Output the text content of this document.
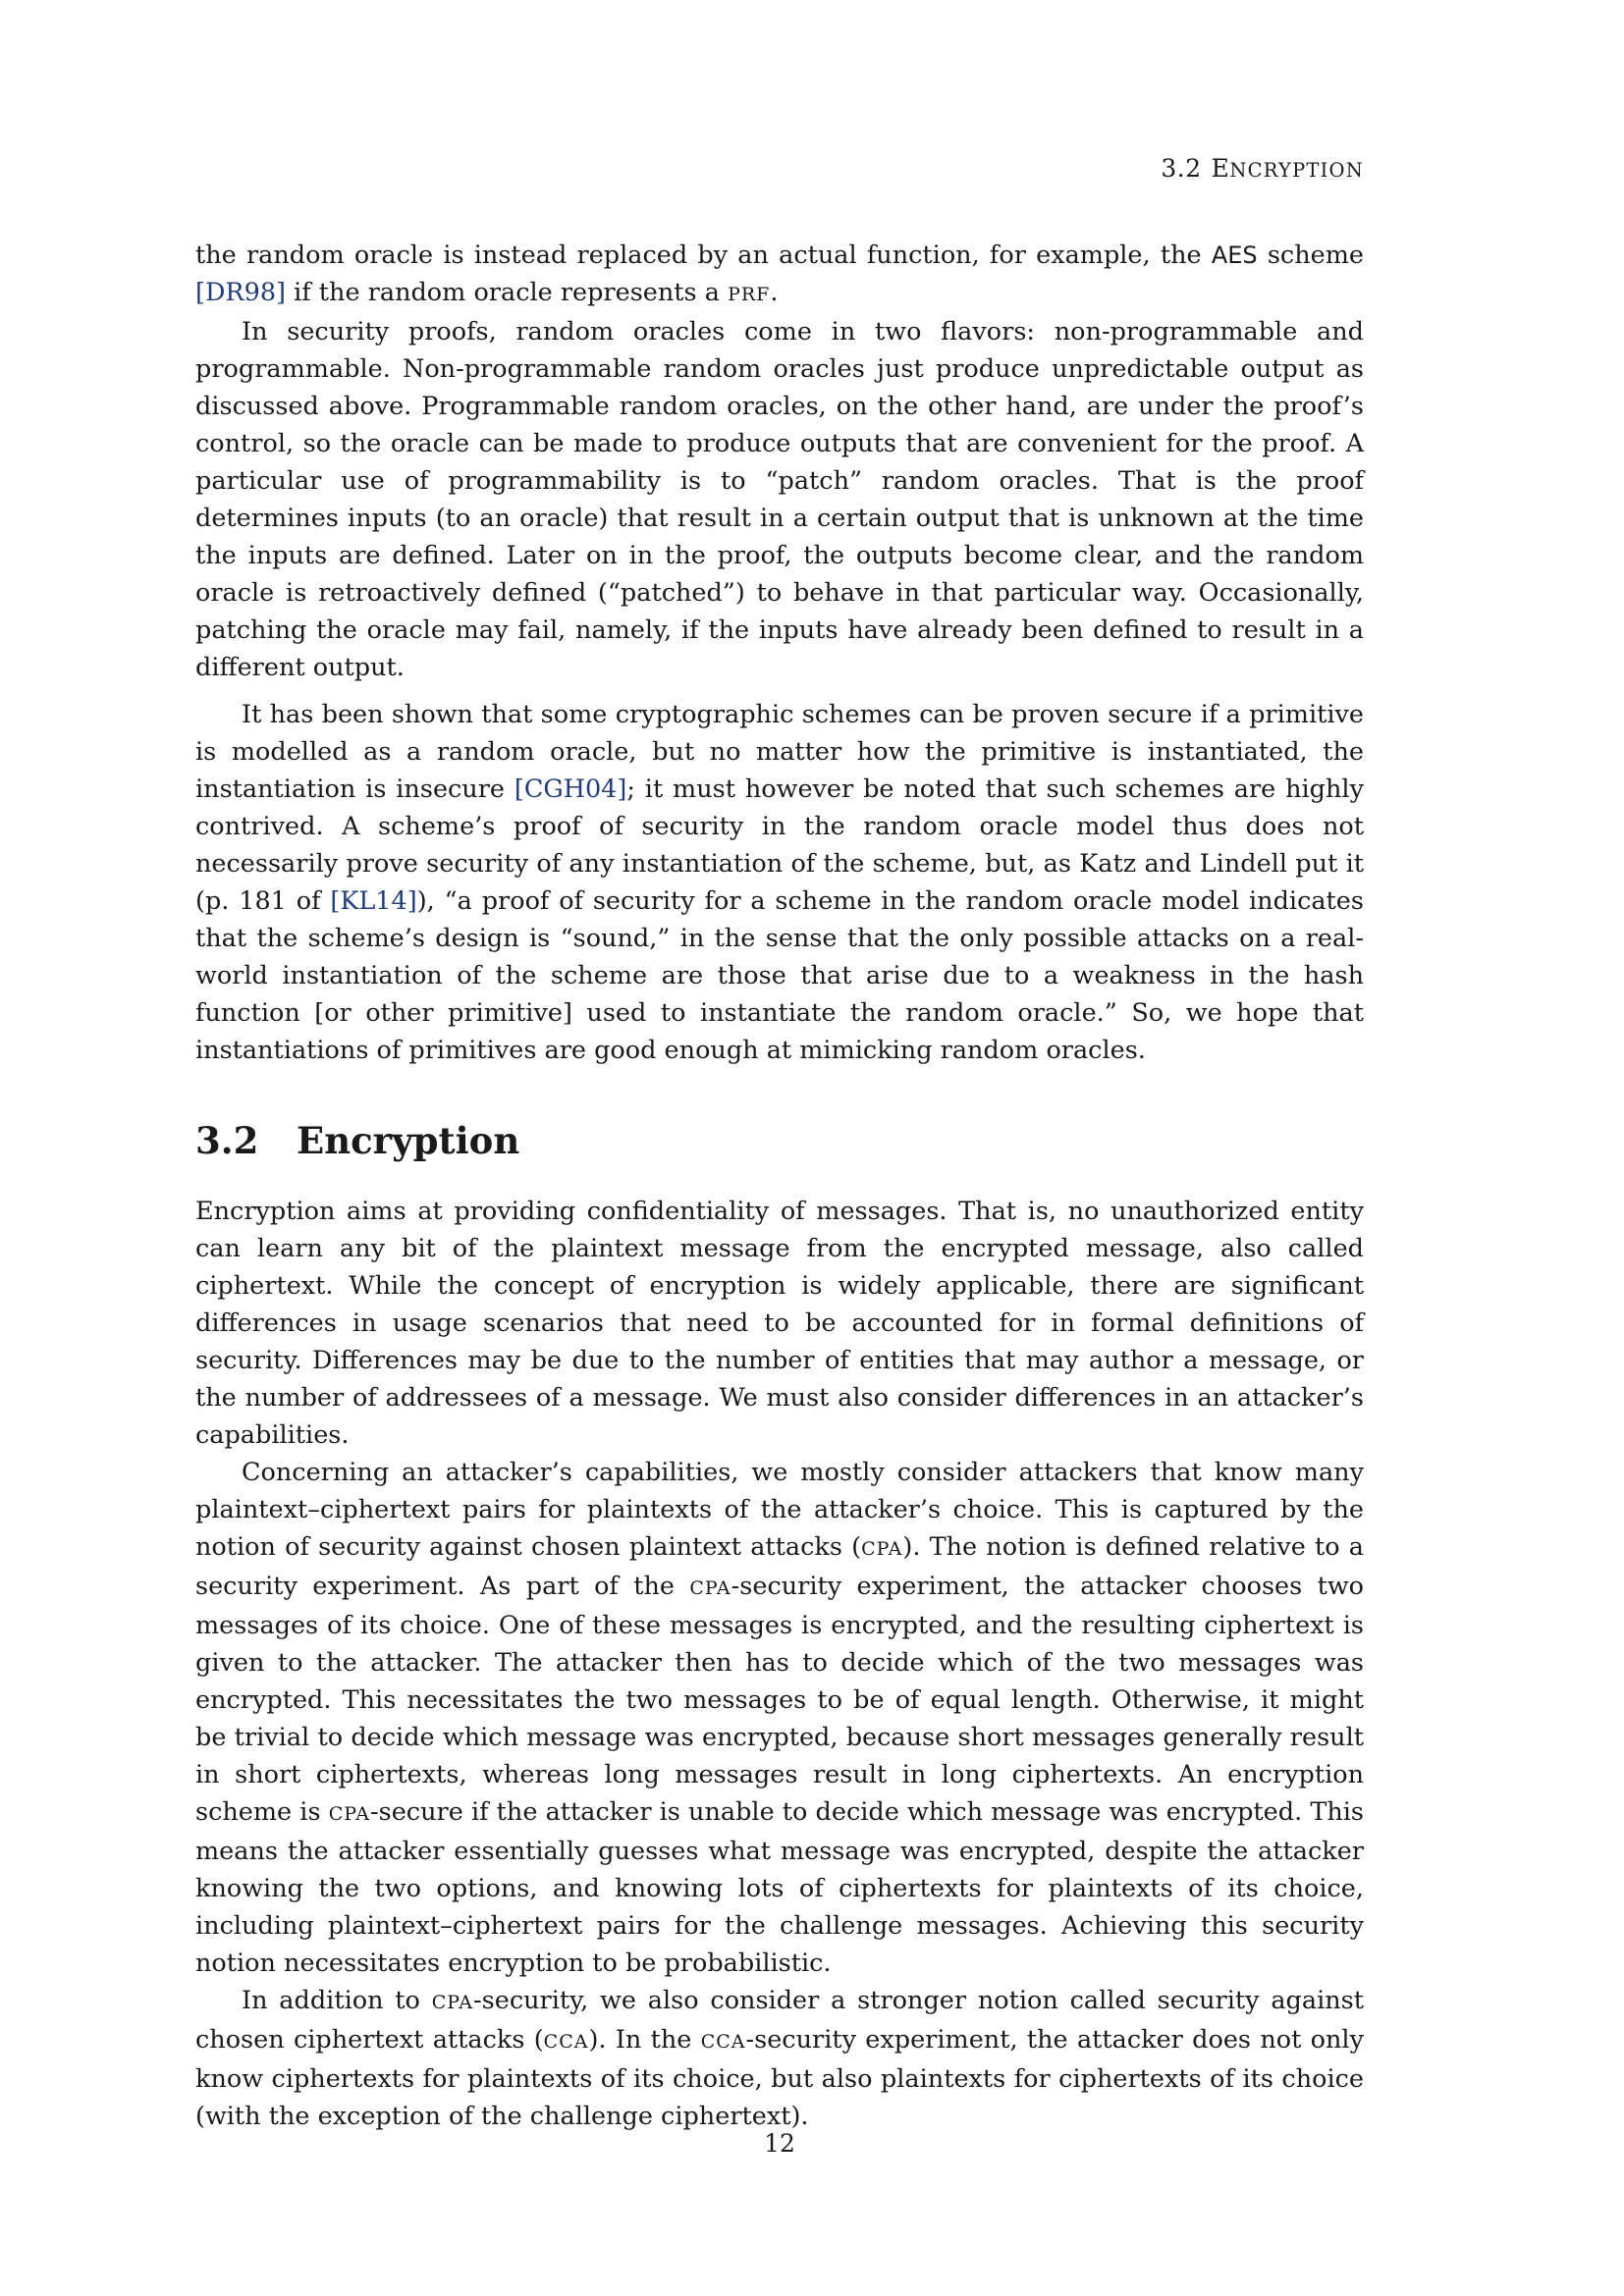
3.2 ENCRYPTION

the random oracle is instead replaced by an actual function, for example, the AES scheme [DR98] if the random oracle represents a PRF.

In security proofs, random oracles come in two flavors: non-programmable and programmable. Non-programmable random oracles just produce unpredictable output as discussed above. Programmable random oracles, on the other hand, are under the proof’s control, so the oracle can be made to produce outputs that are convenient for the proof. A particular use of programmability is to “patch” random oracles. That is the proof determines inputs (to an oracle) that result in a certain output that is unknown at the time the inputs are defined. Later on in the proof, the outputs become clear, and the random oracle is retroactively defined (“patched”) to behave in that particular way. Occasionally, patching the oracle may fail, namely, if the inputs have already been defined to result in a different output.

It has been shown that some cryptographic schemes can be proven secure if a primitive is modelled as a random oracle, but no matter how the primitive is instantiated, the instantiation is insecure [CGH04]; it must however be noted that such schemes are highly contrived. A scheme’s proof of security in the random oracle model thus does not necessarily prove security of any instantiation of the scheme, but, as Katz and Lindell put it (p. 181 of [KL14]), “a proof of security for a scheme in the random oracle model indicates that the scheme’s design is “sound,” in the sense that the only possible attacks on a real-world instantiation of the scheme are those that arise due to a weakness in the hash function [or other primitive] used to instantiate the random oracle.” So, we hope that instantiations of primitives are good enough at mimicking random oracles.

3.2 Encryption

Encryption aims at providing confidentiality of messages. That is, no unauthorized entity can learn any bit of the plaintext message from the encrypted message, also called ciphertext. While the concept of encryption is widely applicable, there are significant differences in usage scenarios that need to be accounted for in formal definitions of security. Differences may be due to the number of entities that may author a message, or the number of addressees of a message. We must also consider differences in an attacker’s capabilities.

Concerning an attacker’s capabilities, we mostly consider attackers that know many plaintext–ciphertext pairs for plaintexts of the attacker’s choice. This is captured by the notion of security against chosen plaintext attacks (CPA). The notion is defined relative to a security experiment. As part of the CPA-security experiment, the attacker chooses two messages of its choice. One of these messages is encrypted, and the resulting ciphertext is given to the attacker. The attacker then has to decide which of the two messages was encrypted. This necessitates the two messages to be of equal length. Otherwise, it might be trivial to decide which message was encrypted, because short messages generally result in short ciphertexts, whereas long messages result in long ciphertexts. An encryption scheme is CPA-secure if the attacker is unable to decide which message was encrypted. This means the attacker essentially guesses what message was encrypted, despite the attacker knowing the two options, and knowing lots of ciphertexts for plaintexts of its choice, including plaintext–ciphertext pairs for the challenge messages. Achieving this security notion necessitates encryption to be probabilistic.

In addition to CPA-security, we also consider a stronger notion called security against chosen ciphertext attacks (CCA). In the CCA-security experiment, the attacker does not only know ciphertexts for plaintexts of its choice, but also plaintexts for ciphertexts of its choice (with the exception of the challenge ciphertext).

12
